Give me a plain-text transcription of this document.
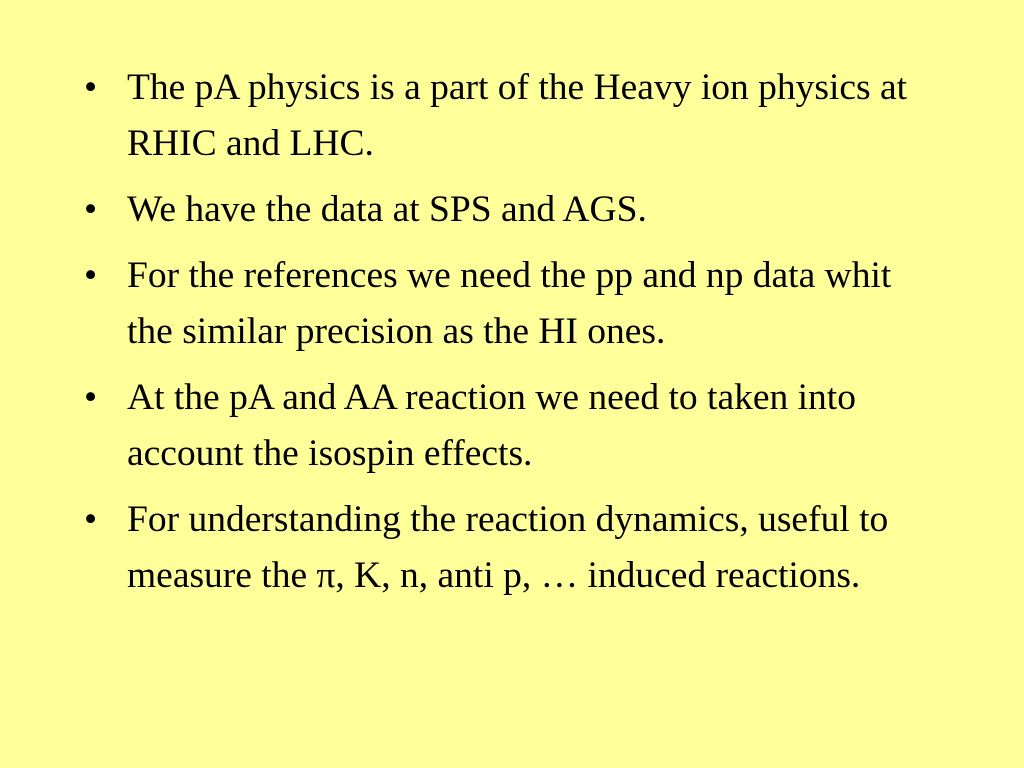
• The pA physics is a part of the Heavy ion physics at RHIC and LHC.
• We have the data at SPS and AGS.
• For the references we need the pp and np data whit the similar precision as the HI ones.
• At the pA and AA reaction we need to taken into account the isospin effects.
• For understanding the reaction dynamics, useful to measure the π, K, n, anti p, … induced reactions.
